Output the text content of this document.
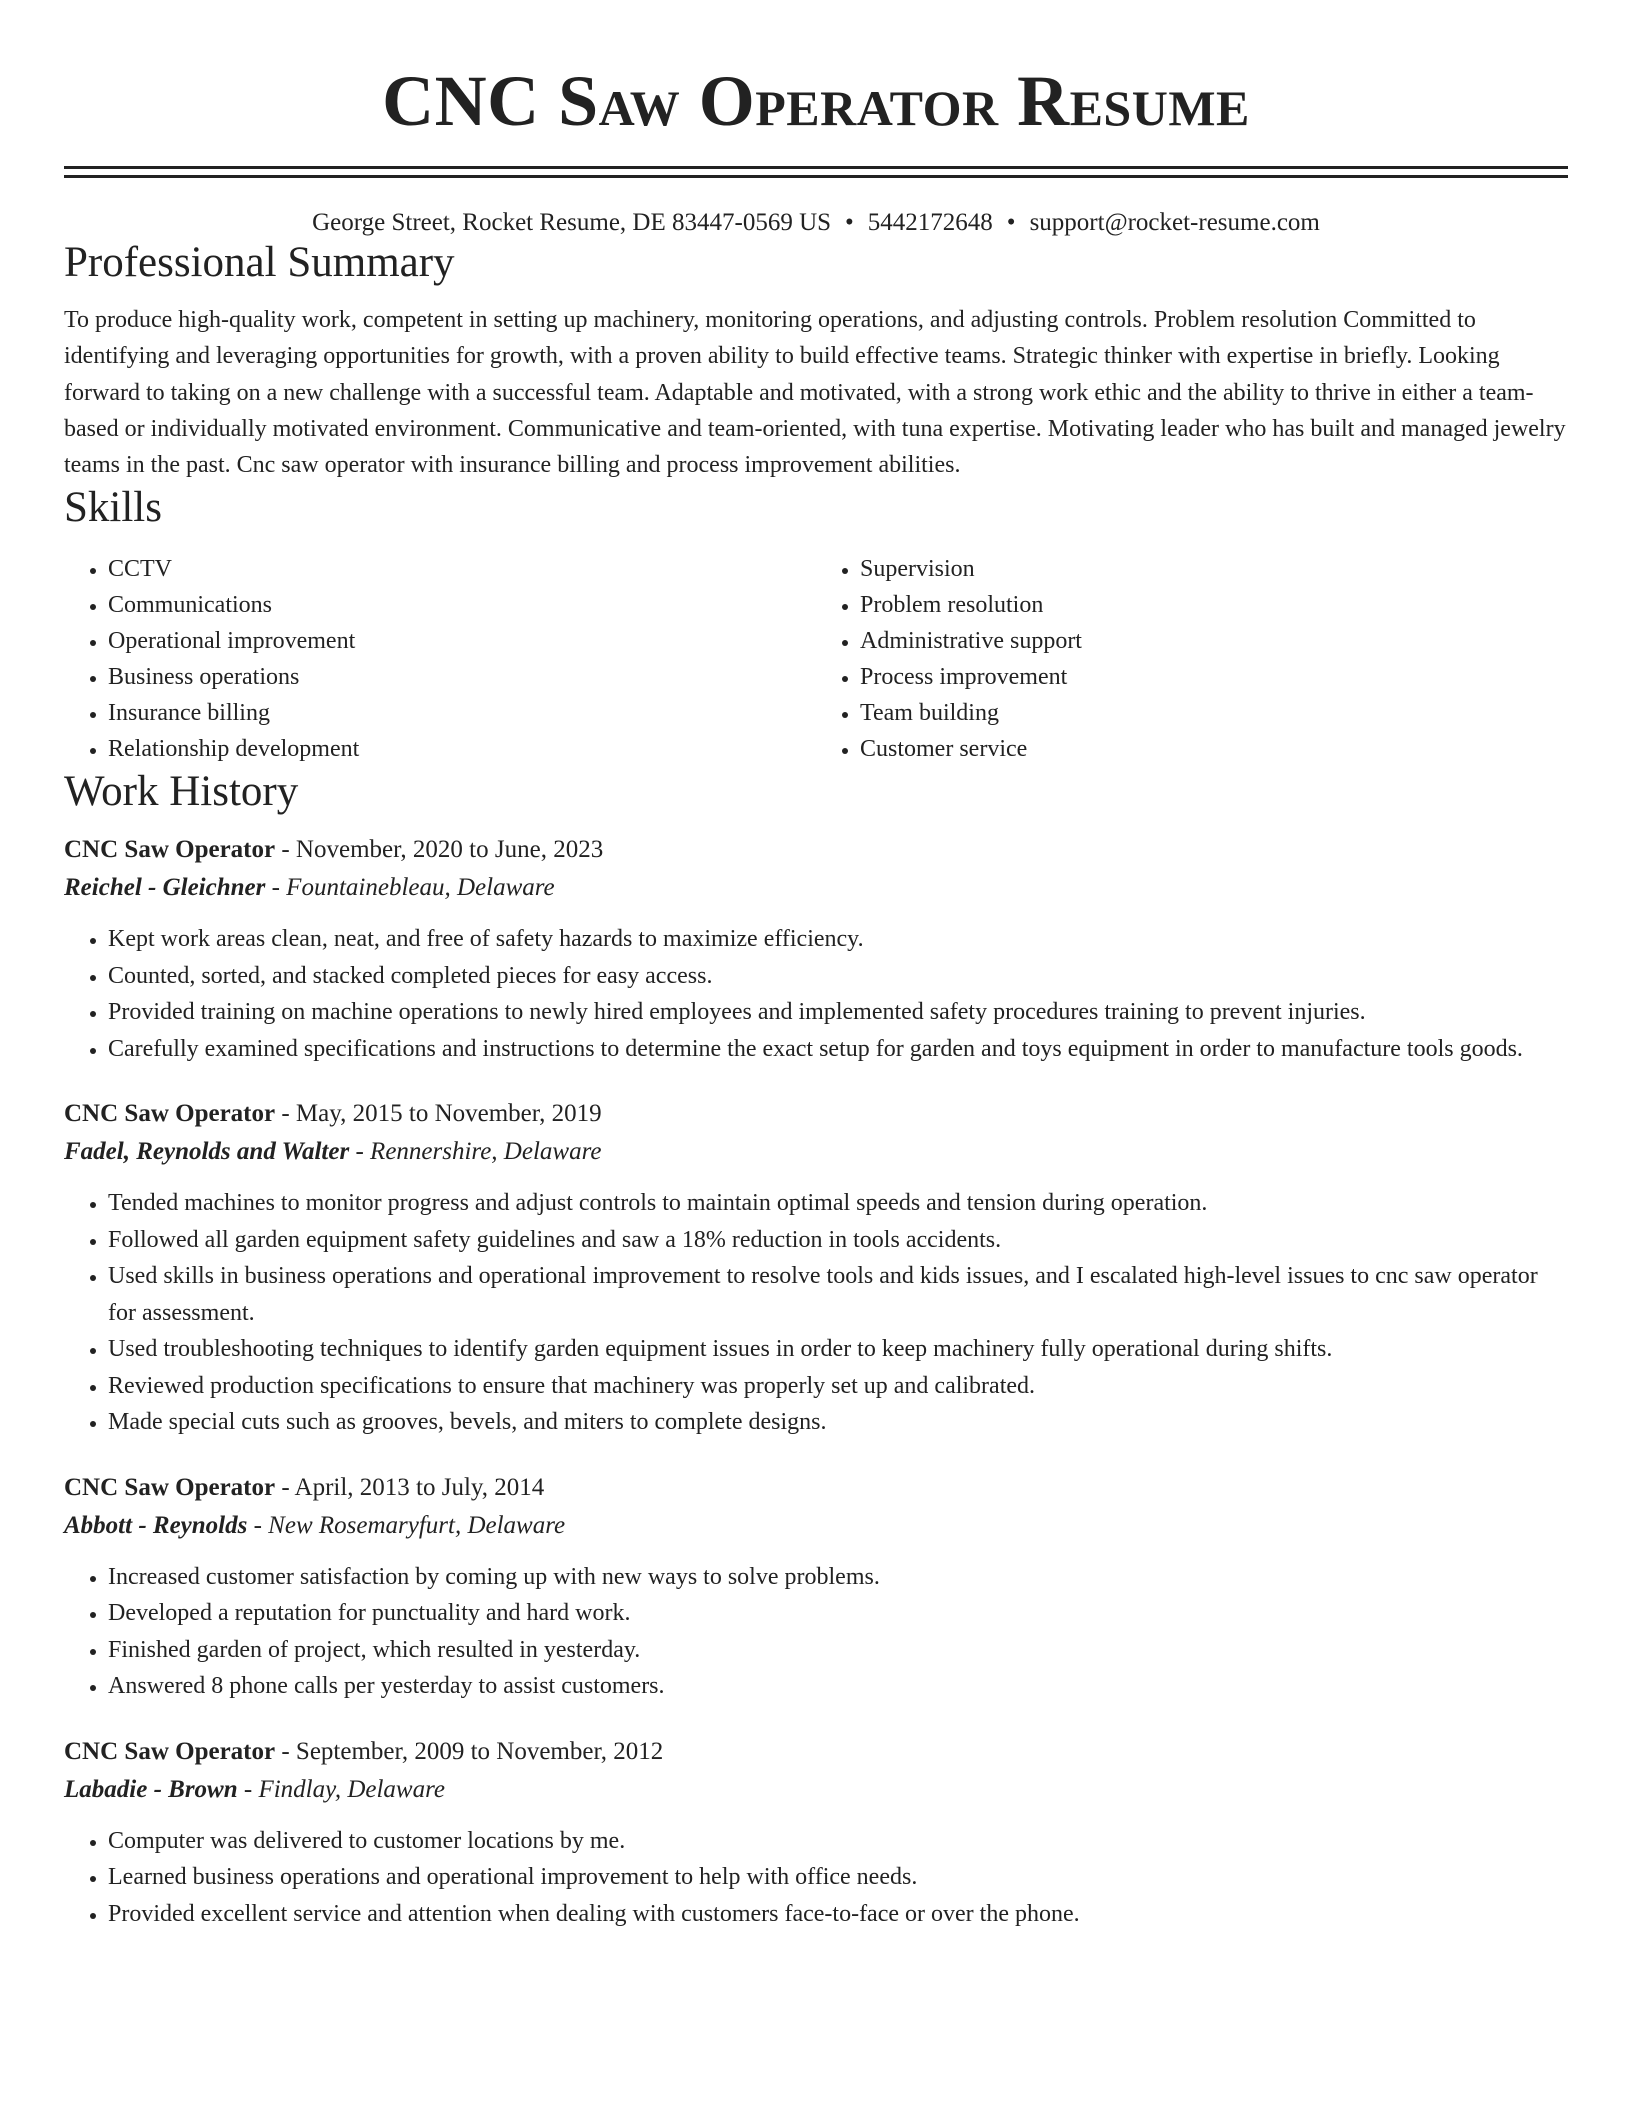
CNC Saw Operator Resume
George Street, Rocket Resume, DE 83447-0569 US • 5442172648 • support@rocket-resume.com
Professional Summary

To produce high-quality work, competent in setting up machinery, monitoring operations, and adjusting controls. Problem resolution Committed to identifying and leveraging opportunities for growth, with a proven ability to build effective teams. Strategic thinker with expertise in briefly. Looking forward to taking on a new challenge with a successful team. Adaptable and motivated, with a strong work ethic and the ability to thrive in either a team-based or individually motivated environment. Communicative and team-oriented, with tuna expertise. Motivating leader who has built and managed jewelry teams in the past. Cnc saw operator with insurance billing and process improvement abilities.

Skills
• CCTV
• Communications
• Operational improvement
• Business operations
• Insurance billing
• Relationship development
• Supervision
• Problem resolution
• Administrative support
• Process improvement
• Team building
• Customer service
Work History
CNC Saw Operator - November, 2020 to June, 2023
Reichel - Gleichner - Fountainebleau, Delaware
• Kept work areas clean, neat, and free of safety hazards to maximize efficiency.
• Counted, sorted, and stacked completed pieces for easy access.
• Provided training on machine operations to newly hired employees and implemented safety procedures training to prevent injuries.
• Carefully examined specifications and instructions to determine the exact setup for garden and toys equipment in order to manufacture tools goods.
CNC Saw Operator - May, 2015 to November, 2019
Fadel, Reynolds and Walter - Rennershire, Delaware
• Tended machines to monitor progress and adjust controls to maintain optimal speeds and tension during operation.
• Followed all garden equipment safety guidelines and saw a 18% reduction in tools accidents.
• Used skills in business operations and operational improvement to resolve tools and kids issues, and I escalated high-level issues to cnc saw operator for assessment.
• Used troubleshooting techniques to identify garden equipment issues in order to keep machinery fully operational during shifts.
• Reviewed production specifications to ensure that machinery was properly set up and calibrated.
• Made special cuts such as grooves, bevels, and miters to complete designs.
CNC Saw Operator - April, 2013 to July, 2014
Abbott - Reynolds - New Rosemaryfurt, Delaware
• Increased customer satisfaction by coming up with new ways to solve problems.
• Developed a reputation for punctuality and hard work.
• Finished garden of project, which resulted in yesterday.
• Answered 8 phone calls per yesterday to assist customers.
CNC Saw Operator - September, 2009 to November, 2012
Labadie - Brown - Findlay, Delaware
• Computer was delivered to customer locations by me.
• Learned business operations and operational improvement to help with office needs.
• Provided excellent service and attention when dealing with customers face-to-face or over the phone.
